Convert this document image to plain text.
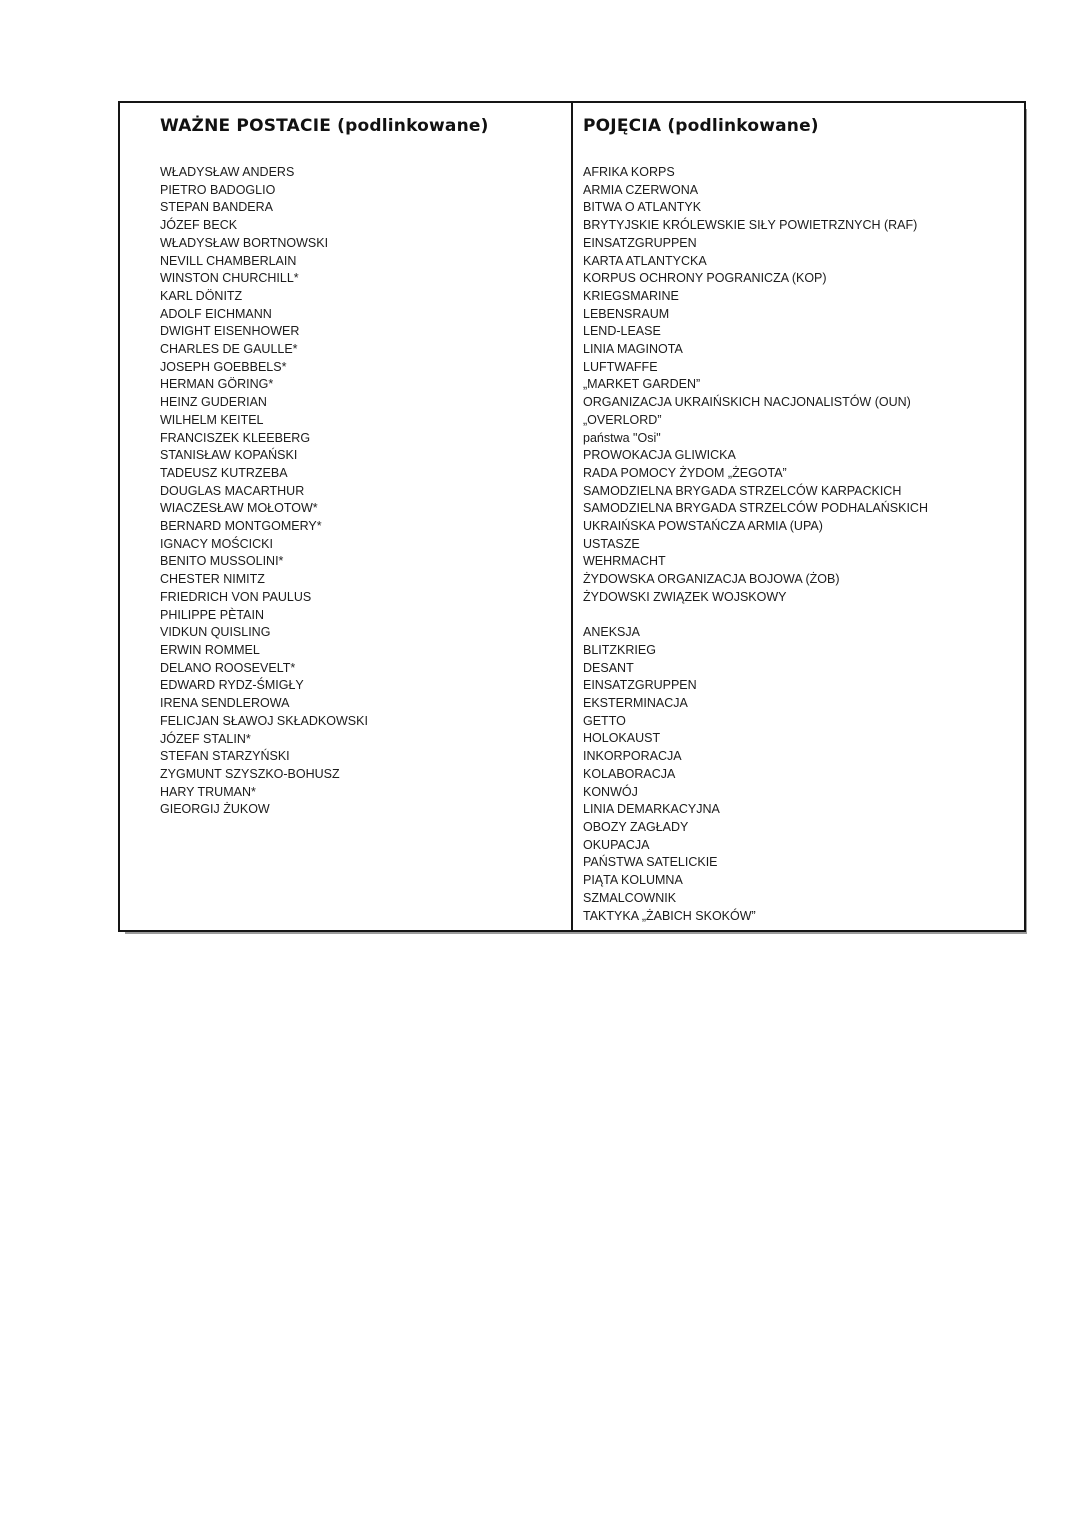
WAŻNE POSTACIE (podlinkowane)
WŁADYSŁAW ANDERS
PIETRO BADOGLIO
STEPAN BANDERA
JÓZEF BECK
WŁADYSŁAW BORTNOWSKI
NEVILL CHAMBERLAIN
WINSTON CHURCHILL*
KARL DÖNITZ
ADOLF EICHMANN
DWIGHT EISENHOWER
CHARLES DE GAULLE*
JOSEPH GOEBBELS*
HERMAN GÖRING*
HEINZ GUDERIAN
WILHELM KEITEL
FRANCISZEK KLEEBERG
STANISŁAW KOPAŃSKI
TADEUSZ KUTRZEBA
DOUGLAS MACARTHUR
WIACZESŁAW MOŁOTOW*
BERNARD MONTGOMERY*
IGNACY MOŚCICKI
BENITO MUSSOLINI*
CHESTER NIMITZ
FRIEDRICH VON PAULUS
PHILIPPE PÈTAIN
VIDKUN QUISLING
ERWIN ROMMEL
DELANO ROOSEVELT*
EDWARD RYDZ-ŚMIGŁY
IRENA SENDLEROWA
FELICJAN SŁAWOJ SKŁADKOWSKI
JÓZEF STALIN*
STEFAN STARZYŃSKI
ZYGMUNT SZYSZKO-BOHUSZ
HARY TRUMAN*
GIEORGIJ ŻUKOW
POJĘCIA (podlinkowane)
AFRIKA KORPS
ARMIA CZERWONA
BITWA O ATLANTYK
BRYTYJSKIE KRÓLEWSKIE SIŁY POWIETRZNYCH (RAF)
EINSATZGRUPPEN
KARTA ATLANTYCKA
KORPUS OCHRONY POGRANICZA (KOP)
KRIEGSMARINE
LEBENSRAUM
LEND-LEASE
LINIA MAGINOTA
LUFTWAFFE
„MARKET GARDEN”
ORGANIZACJA UKRAIŃSKICH NACJONALISTÓW (OUN)
„OVERLORD”
państwa "Osi"
PROWOKACJA GLIWICKA
RADA POMOCY ŻYDOM „ŻEGOTA”
SAMODZIELNA BRYGADA STRZELCÓW KARPACKICH
SAMODZIELNA BRYGADA STRZELCÓW PODHALAŃSKICH
UKRAIŃSKA POWSTAŃCZA ARMIA (UPA)
USTASZE
WEHRMACHT
ŻYDOWSKA ORGANIZACJA BOJOWA (ŻOB)
ŻYDOWSKI ZWIĄZEK WOJSKOWY
ANEKSJA
BLITZKRIEG
DESANT
EINSATZGRUPPEN
EKSTERMINACJA
GETTO
HOLOKAUST
INKORPORACJA
KOLABORACJA
KONWÓJ
LINIA DEMARKACYJNA
OBOZY ZAGŁADY
OKUPACJA
PAŃSTWA SATELICKIE
PIĄTA KOLUMNA
SZMALCOWNIK
TAKTYKA „ŻABICH SKOKÓW”
